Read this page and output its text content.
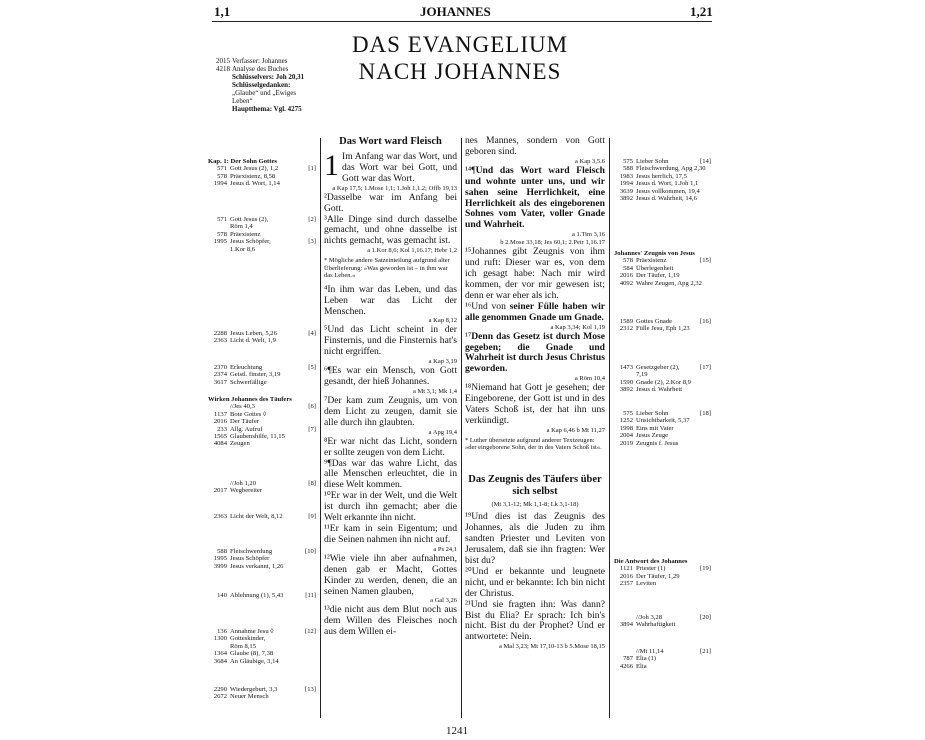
1,1	JOHANNES	1,21
DAS EVANGELIUM
NACH JOHANNES
2015 Verfasser: Johannes
4218 Analyse des Buches
Schlüsselvers: Joh 20,31
Schlüsselgedanken:
„Glaube“ und „Ewiges
Leben“
Hauptthema: Vgl. 4275
Kap. 1: Der Sohn Gottes
571 Gott Jesus (2), 1,2	[1]
578 Präexistenz, 8,58
1994 Jesus d. Wort, 1,14
571 Gott Jesus (2),	[2]
Röm 1,4
578 Präexistenz
1995 Jesus Schöpfer,	[3]
1.Kor 8,6
2288 Jesus Leben, 5,26	[4]
2363 Licht d. Welt, 1,9
2370 Erleuchtung	[5]
2374 Geistl. finster, 3,19
3617 Schwerfällige
Wirken Johannes des Täufers
//Jes 40,3	[6]
1137 Bote Gottes ◊
2016 Der Täufer
233 Allg. Aufruf	[7]
1565 Glaubenshilfe, 11,15
4084 Zeugen
//Joh 1,20	[8]
2017 Wegbereiter
2363 Licht der Welt, 8,12	[9]
588 Fleischwerdung	[10]
1995 Jesus Schöpfer
3999 Jesus verkannt, 1,26
140 Ablehnung (1), 5,43	[11]
136 Annahme Jesu ◊	[12]
1300 Gotteskinder,
Röm 8,15
1364 Glaube (8), 7,38
3684 An Gläubige, 3,14
2290 Wiedergeburt, 3,3	[13]
2672 Neuer Mensch

Das Wort ward Fleisch

1 Im Anfang war das Wort, und das Wort war bei Gott, und Gott war das Wort.

a Kap 17,5; 1.Mose 1,1; 1.Joh 1,1.2; Offb 19,13

²Dasselbe war im Anfang bei Gott.

³Alle Dinge sind durch dasselbe gemacht, und ohne dasselbe ist nichts gemacht, was gemacht ist.

a 1.Kor 8,6; Kol 1,16.17; Hebr 1,2

* Mögliche andere Satzeinteilung aufgrund alter Überlieferung: »Was geworden ist – in ihm war das Leben.«

⁴In ihm war das Leben, und das Leben war das Licht der Menschen.

a Kap 8,12

⁵Und das Licht scheint in der Finsternis, und die Finsternis hat's nicht ergriffen.

a Kap 3,19

⁶¶Es war ein Mensch, von Gott gesandt, der hieß Johannes.

a Mt 3,1; Mk 1,4

⁷Der kam zum Zeugnis, um von dem Licht zu zeugen, damit sie alle durch ihn glaubten.

a Apg 19,4

⁸Er war nicht das Licht, sondern er sollte zeugen von dem Licht.

⁹¶Das war das wahre Licht, das alle Menschen erleuchtet, die in diese Welt kommen.

¹⁰Er war in der Welt, und die Welt ist durch ihn gemacht; aber die Welt erkannte ihn nicht.

¹¹Er kam in sein Eigentum; und die Seinen nahmen ihn nicht auf.

a Ps 24,1

¹²Wie viele ihn aber aufnahmen, denen gab er Macht, Gottes Kinder zu werden, denen, die an seinen Namen glauben,

a Gal 3,26

¹³die nicht aus dem Blut noch aus dem Willen des Fleisches noch aus dem Willen ei-

nes Mannes, sondern von Gott geboren sind.

a Kap 3,5.6

¹⁴¶Und das Wort ward Fleisch und wohnte unter uns, und wir sahen seine Herrlichkeit, eine Herrlichkeit als des eingeborenen Sohnes vom Vater, voller Gnade und Wahrheit.

a 1.Tim 3,16

b 2.Mose 33,18; Jes 60,1; 2.Petr 1,16.17

¹⁵Johannes gibt Zeugnis von ihm und ruft: Dieser war es, von dem ich gesagt habe: Nach mir wird kommen, der vor mir gewesen ist; denn er war eher als ich.

¹⁶Und von seiner Fülle haben wir alle genommen Gnade um Gnade.

a Kap 3,34; Kol 1,19

¹⁷Denn das Gesetz ist durch Mose gegeben; die Gnade und Wahrheit ist durch Jesus Christus geworden.

a Röm 10,4

¹⁸Niemand hat Gott je gesehen; der Eingeborene, der Gott ist und in des Vaters Schoß ist, der hat ihn uns verkündigt.

a Kap 6,46 b Mt 11,27

* Luther übersetzte aufgrund anderer Textzeugen: »der eingeborene Sohn, der in des Vaters Schoß ist«.

Das Zeugnis des Täufers über sich selbst

(Mt 3,1-12; Mk 1,1-8; Lk 3,1-18)

¹⁹Und dies ist das Zeugnis des Johannes, als die Juden zu ihm sandten Priester und Leviten von Jerusalem, daß sie ihn fragten: Wer bist du?

²⁰Und er bekannte und leugnete nicht, und er bekannte: Ich bin nicht der Christus.

²¹Und sie fragten ihn: Was dann? Bist du Elia? Er sprach: Ich bin's nicht. Bist du der Prophet? Und er antwortete: Nein.

a Mal 3,23; Mt 17,10-13 b 5.Mose 18,15

575 Lieber Sohn	[14]
588 Fleischwerdung, Apg 2,30
1983 Jesus herrlich, 17,5
1994 Jesus d. Wort, 1.Joh 1,1
3639 Jesus vollkommen, 19,4
3892 Jesus d. Wahrheit, 14,6
Johannes' Zeugnis von Jesus
578 Präexistenz	[15]
584 Überlegenheit
2016 Der Täufer, 1,19
4092 Wahre Zeugen, Apg 2,32
1589 Gottes Gnade	[16]
2312 Fülle Jesu, Eph 1,23
1473 Gesetzgeber (2),	[17]
7,19
1590 Gnade (2), 2.Kor 8,9
3892 Jesus d. Wahrheit
575 Lieber Sohn	[18]
1252 Unsichtbarkeit, 5,37
1998 Eins mit Vater
2004 Jesus Zeuge
2019 Zeugnis f. Jesus
Die Antwort des Johannes
1121 Priester (1)	[19]
2016 Der Täufer, 1,29
2357 Leviten
//Joh 3,28	[20]
3894 Wahrhaftigkeit
//Mt 11,14	[21]
787 Elia (1)
4266 Elia
1241
